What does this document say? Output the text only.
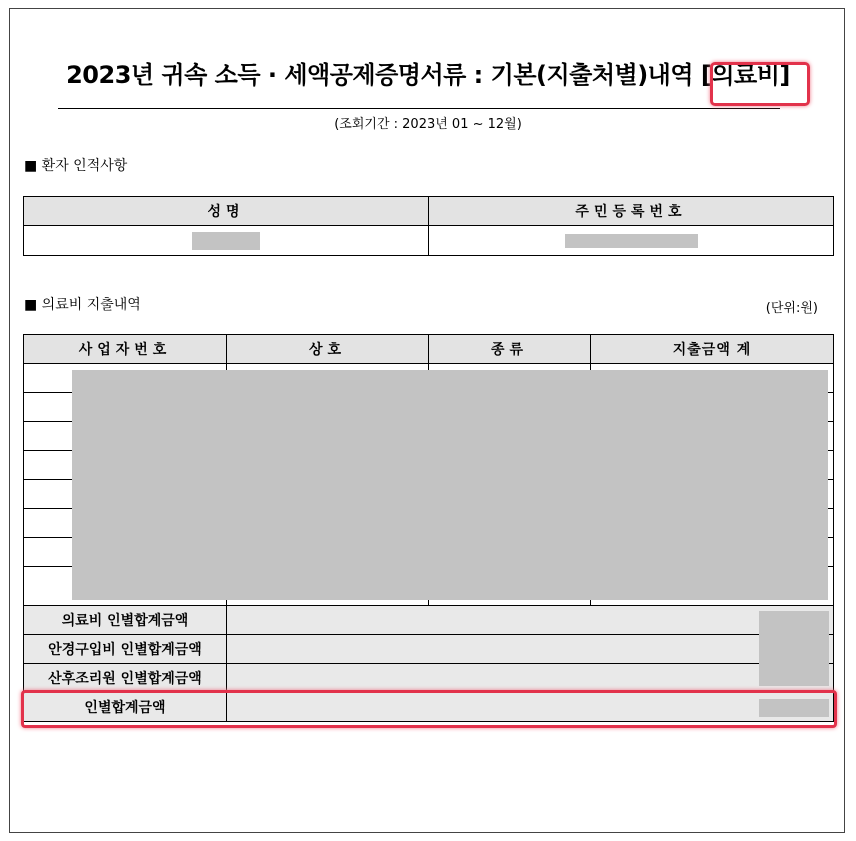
2023년 귀속 소득 · 세액공제증명서류 : 기본(지출처별)내역 [의료비]
(조회기간 : 2023년 01 ~ 12월)
■ 환자 인적사항
성명	주민등록번호

■ 의료비 지출내역	(단위:원)
사업자번호	상호	종류	지출금액 계

의료비 인별합계금액			
안경구입비 인별합계금액			
산후조리원 인별합계금액			
인별합계금액			
